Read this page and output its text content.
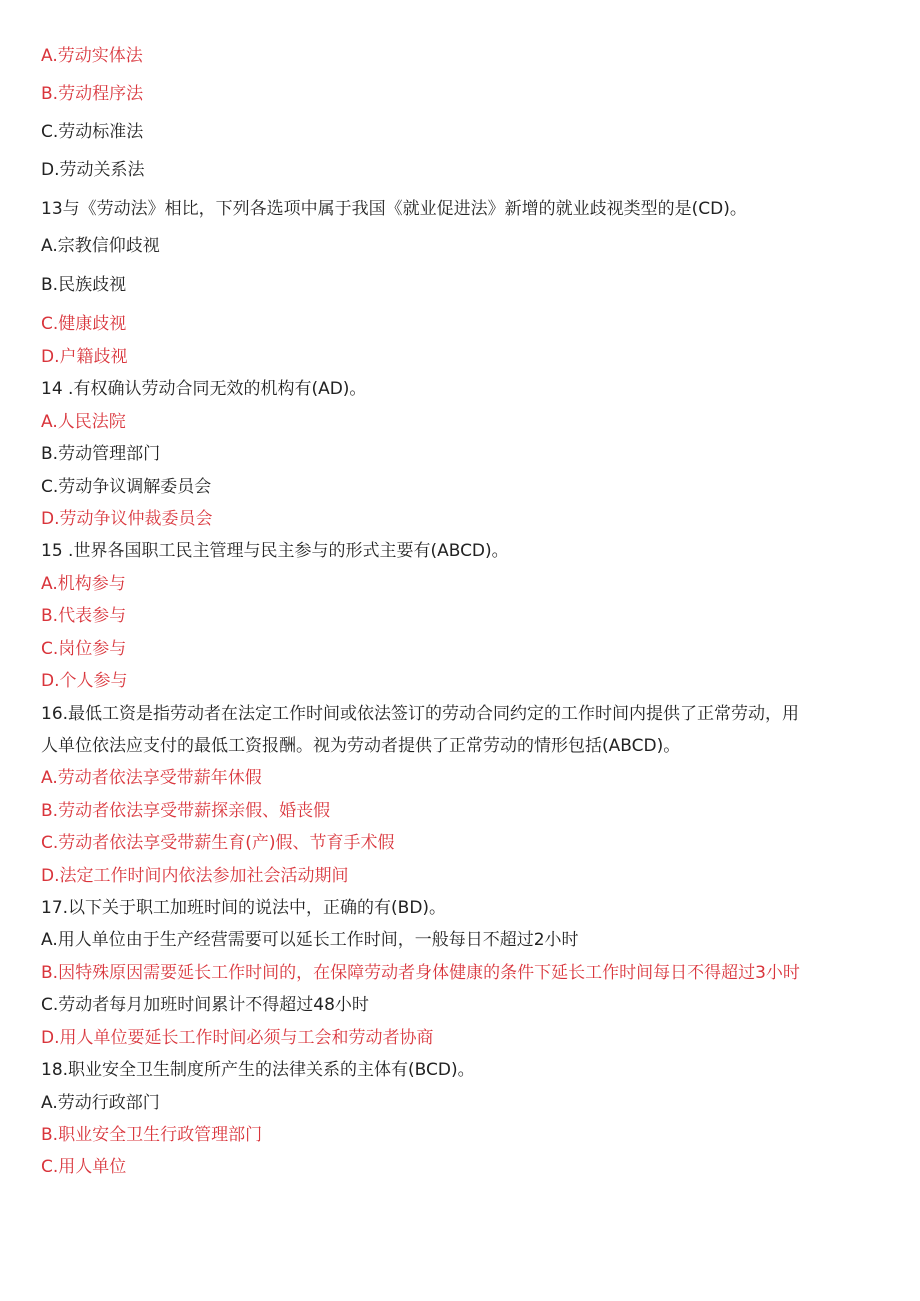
A.劳动实体法
B.劳动程序法
C.劳动标准法
D.劳动关系法
13与《劳动法》相比，下列各选项中属于我国《就业促进法》新增的就业歧视类型的是(CD)。
A.宗教信仰歧视
B.民族歧视
C.健康歧视
D.户籍歧视
14 .有权确认劳动合同无效的机构有(AD)。
A.人民法院
B.劳动管理部门
C.劳动争议调解委员会
D.劳动争议仲裁委员会
15 .世界各国职工民主管理与民主参与的形式主要有(ABCD)。
A.机构参与
B.代表参与
C.岗位参与
D.个人参与
16.最低工资是指劳动者在法定工作时间或依法签订的劳动合同约定的工作时间内提供了正常劳动，用
人单位依法应支付的最低工资报酬。视为劳动者提供了正常劳动的情形包括(ABCD)。
A.劳动者依法享受带薪年休假
B.劳动者依法享受带薪探亲假、婚丧假
C.劳动者依法享受带薪生育(产)假、节育手术假
D.法定工作时间内依法参加社会活动期间
17.以下关于职工加班时间的说法中，正确的有(BD)。
A.用人单位由于生产经营需要可以延长工作时间，一般每日不超过2小时
B.因特殊原因需要延长工作时间的，在保障劳动者身体健康的条件下延长工作时间每日不得超过3小时
C.劳动者每月加班时间累计不得超过48小时
D.用人单位要延长工作时间必须与工会和劳动者协商
18.职业安全卫生制度所产生的法律关系的主体有(BCD)。
A.劳动行政部门
B.职业安全卫生行政管理部门
C.用人单位
